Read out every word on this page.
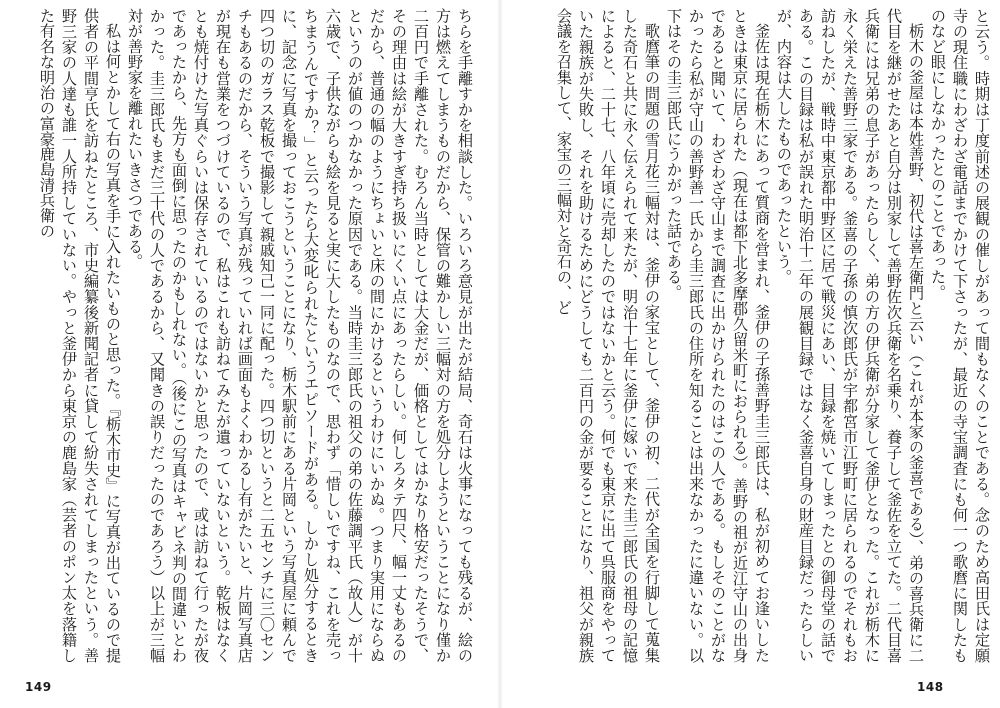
と云う。時期は丁度前述の展観の催しがあって間もなくのことである。念のため高田氏は定願寺の現住職にわざわざ電話までかけて下さったが、最近の寺宝調査にも何一つ歌麿に関したものなど眼にしなかったとのことであった。

栃木の釜屋は本姓善野、初代は喜左衛門と云い（これが本家の釜喜である）、弟の喜兵衛に二代目を継がせたあと自分は別家して善野佐次兵衛を名乗り、養子して釜佐を立てた。二代目喜兵衛には兄弟の息子があったらしく、弟の方の伊兵衛が分家して釜伊となった。これが栃木に永く栄えた善野三家である。釜喜の子孫の慎次郎氏が宇都宮市江野町に居られるのでそれもお訪ねしたが、戦時中東京都中野区に居て戦災にあい、目録を焼いてしまったとの御母堂の話である。この目録は私が誤れた明治十二年の展観目録ではなく釜喜自身の財産目録だったらしいが、内容は大したものであったという。

釜佐は現在栃木にあって質商を営まれ、釜伊の子孫善野圭三郎氏は、私が初めてお逢いしたときは東京に居られた（現在は都下北多摩郡久留米町におられる）。善野の祖が近江守山の出身であると聞いて、わざわざ守山まで調査に出かけられたのはこの人である。もしそのことがなかったら私が守山の善野善一氏から圭三郎氏の住所を知ることは出来なかったに違いない。以下はその圭三郎氏にうかがった話である。

歌麿筆の問題の雪月花三幅対は、釜伊の家宝として、釜伊の初、二代が全国を行脚して蒐集した奇石と共に永く伝えられて来たが、明治十七年に釜伊に嫁いで来た圭三郎氏の祖母の記憶によると、二十七、八年頃に売却したのではないかと云う。何でも東京に出て呉服商をやっていた親族が失敗し、それを助けるためにどうしても二百円の金が要ることになり、祖父が親族会議を召集して、家宝の三幅対と奇石の、ど

ちらを手離すかを相談した。いろいろ意見が出たが結局、奇石は火事になっても残るが、絵の方は燃えてしまうものだから、保管の難かしい三幅対の方を処分しようということになり僅か二百円で手離された。むろん当時としては大金だが、価格としてはかなり格安だったそうで、その理由は絵が大きすぎ持ち扱いにくい点にあったらしい。何しろタテ四尺、幅一丈もあるのだから、普通の幅のようにちょいと床の間にかけるというわけにいかぬ。つまり実用にならぬというのが値のつかなかった原因である。当時圭三郎氏の祖父の弟の佐藤調平氏（故人）が十六歳で、子供ながらも絵を見ると実に大したものなので、思わず「惜しいですね、これを売っちまうんですか？」と云ったら大変叱られたというエピソードがある。しかし処分するときに、記念に写真を撮っておこうということになり、栃木駅前にある片岡という写真屋に頼んで四つ切のガラス乾板で撮影して親戚知己一同に配った。四つ切というと二五センチに三〇センチもあるのだから、そういう写真が残っていれば画面もよくわかるし有がたいと、片岡写真店が現在も営業をつづけているので、私はこれも訪ねてみたが遺っていないという。乾板はなくとも焼付けた写真ぐらいは保存されているのではないかと思ったので、或は訪ねて行ったが夜であったから、先方も面倒に思ったのかもしれない。（後にこの写真はキャビネ判の間違いとわかった。圭三郎氏もまだ三十代の人であるから、又聞きの誤りだったのであろう）以上が三幅対が善野家を離れたいきさつである。

私は何とかして右の写真を手に入れたいものと思った。『栃木市史』に写真が出ているので提供者の平間亨氏を訪ねたところ、市史編纂後新聞記者に貸して紛失されてしまったという。善野三家の人達も誰一人所持していない。やっと釜伊から東京の鹿島家（芸者のポン太を落籍した有名な明治の富豪鹿島清兵衛の

148
149
